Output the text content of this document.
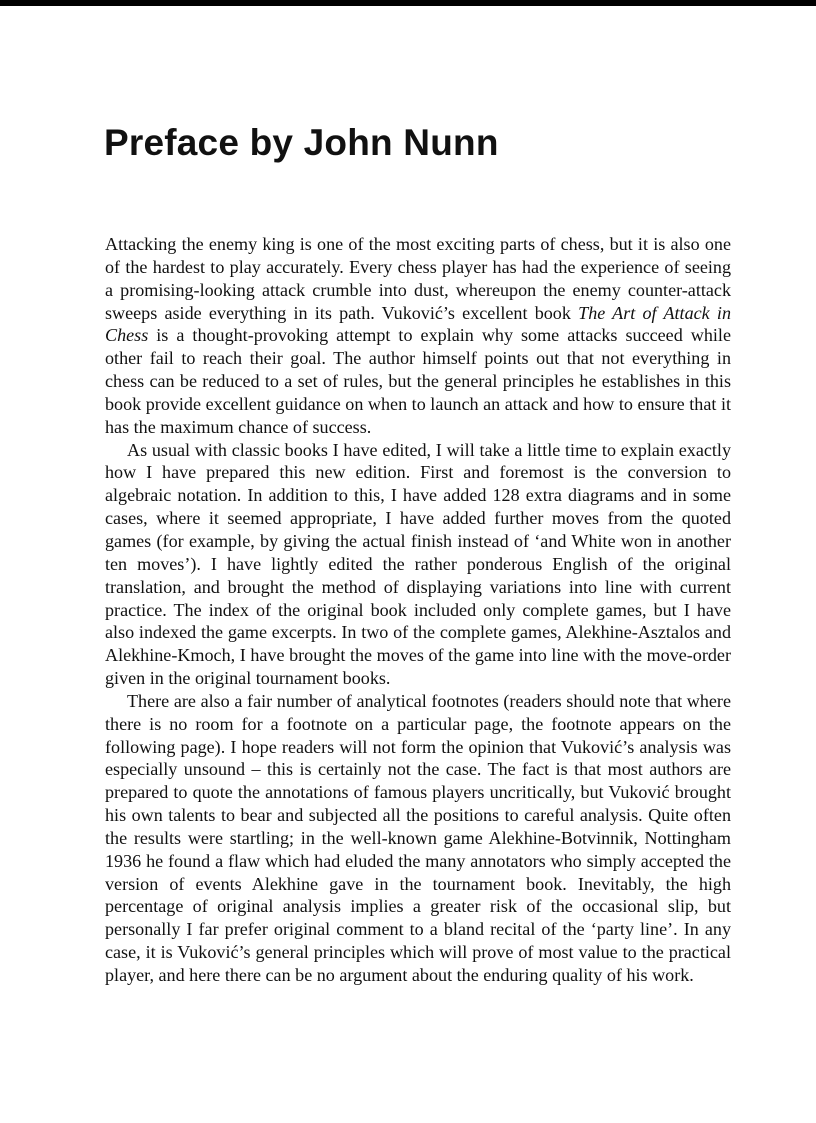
Preface by John Nunn

Attacking the enemy king is one of the most exciting parts of chess, but it is also one of the hardest to play accurately. Every chess player has had the experience of seeing a promising-looking attack crumble into dust, whereupon the enemy counter-attack sweeps aside everything in its path. Vuković’s excellent book The Art of Attack in Chess is a thought-provoking attempt to explain why some attacks succeed while other fail to reach their goal. The author himself points out that not everything in chess can be reduced to a set of rules, but the general principles he establishes in this book provide excellent guidance on when to launch an attack and how to ensure that it has the maximum chance of success.

As usual with classic books I have edited, I will take a little time to explain exactly how I have prepared this new edition. First and foremost is the conversion to algebraic notation. In addition to this, I have added 128 extra diagrams and in some cases, where it seemed appropriate, I have added further moves from the quoted games (for example, by giving the actual finish instead of ‘and White won in another ten moves’). I have lightly edited the rather ponderous English of the original translation, and brought the method of displaying variations into line with current practice. The index of the original book included only complete games, but I have also indexed the game excerpts. In two of the complete games, Alekhine-Asztalos and Alekhine-Kmoch, I have brought the moves of the game into line with the move-order given in the original tournament books.

There are also a fair number of analytical footnotes (readers should note that where there is no room for a footnote on a particular page, the footnote appears on the following page). I hope readers will not form the opinion that Vuković’s analysis was especially unsound – this is certainly not the case. The fact is that most authors are prepared to quote the annotations of famous players uncritically, but Vuković brought his own talents to bear and subjected all the positions to careful analysis. Quite often the results were startling; in the well-known game Alekhine-Botvinnik, Nottingham 1936 he found a flaw which had eluded the many annotators who simply accepted the version of events Alekhine gave in the tournament book. Inevitably, the high percentage of original analysis implies a greater risk of the occasional slip, but personally I far prefer original comment to a bland recital of the ‘party line’. In any case, it is Vuković’s general principles which will prove of most value to the practical player, and here there can be no argument about the enduring quality of his work.
